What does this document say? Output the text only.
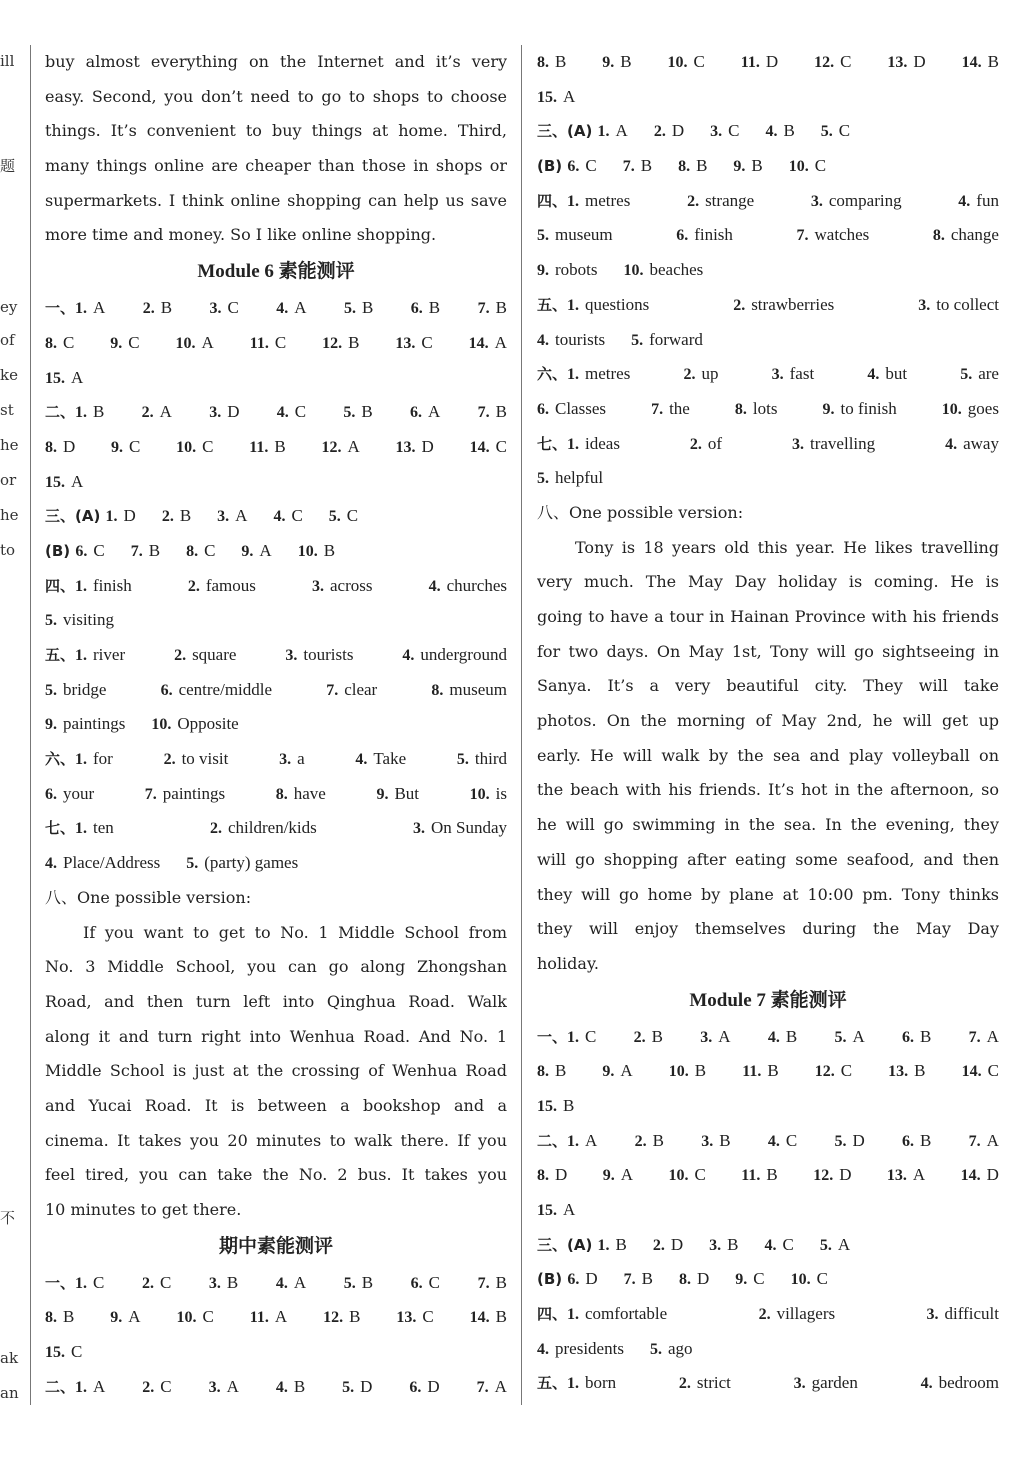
ill
题
ey
of
ke
st
he
or
he
to
不
ak
an
buy almost everything on the Internet and it’s very
easy. Second, you don’t need to go to shops to choose
things. It’s convenient to buy things at home. Third,
many things online are cheaper than those in shops or
supermarkets. I think online shopping can help us save
more time and money. So I like online shopping.
Module 6 素能测评
一、1. A 2. B 3. C 4. A 5. B 6. B 7. B
8. C 9. C 10. A 11. C 12. B 13. C 14. A
15. A
二、1. B 2. A 3. D 4. C 5. B 6. A 7. B
8. D 9. C 10. C 11. B 12. A 13. D 14. C
15. A
三、(A) 1. D 2. B 3. A 4. C 5. C
(B) 6. C 7. B 8. C 9. A 10. B
四、1. finish	2. famous	3. across	4. churches
5. visiting
五、1. river	2. square	3. tourists	4. underground
5. bridge	6. centre/middle	7. clear	8. museum
9. paintings 10. Opposite
六、1. for	2. to visit	3. a	4. Take	5. third
6. your	7. paintings	8. have	9. But	10. is
七、1. ten	2. children/kids	3. On Sunday
4. Place/Address 5. (party) games
八、One possible version:
If you want to get to No. 1 Middle School from
No. 3 Middle School, you can go along Zhongshan
Road, and then turn left into Qinghua Road. Walk
along it and turn right into Wenhua Road. And No. 1
Middle School is just at the crossing of Wenhua Road
and Yucai Road. It is between a bookshop and a
cinema. It takes you 20 minutes to walk there. If you
feel tired, you can take the No. 2 bus. It takes you
10 minutes to get there.
期中素能测评
一、1. C 2. C 3. B 4. A 5. B 6. C 7. B
8. B 9. A 10. C 11. A 12. B 13. C 14. B
15. C
二、1. A 2. C 3. A 4. B 5. D 6. D 7. A
8. B 9. B 10. C 11. D 12. C 13. D 14. B
15. A
三、(A) 1. A 2. D 3. C 4. B 5. C
(B) 6. C 7. B 8. B 9. B 10. C
四、1. metres	2. strange	3. comparing	4. fun
5. museum	6. finish	7. watches	8. change
9. robots 10. beaches
五、1. questions	2. strawberries	3. to collect
4. tourists 5. forward
六、1. metres	2. up	3. fast	4. but	5. are
6. Classes	7. the	8. lots	9. to finish	10. goes
七、1. ideas	2. of	3. travelling	4. away
5. helpful
八、One possible version:
Tony is 18 years old this year. He likes travelling
very much. The May Day holiday is coming. He is
going to have a tour in Hainan Province with his friends
for two days. On May 1st, Tony will go sightseeing in
Sanya. It’s a very beautiful city. They will take
photos. On the morning of May 2nd, he will get up
early. He will walk by the sea and play volleyball on
the beach with his friends. It’s hot in the afternoon, so
he will go swimming in the sea. In the evening, they
will go shopping after eating some seafood, and then
they will go home by plane at 10:00 pm. Tony thinks
they will enjoy themselves during the May Day
holiday.
Module 7 素能测评
一、1. C 2. B 3. A 4. B 5. A 6. B 7. A
8. B 9. A 10. B 11. B 12. C 13. B 14. C
15. B
二、1. A 2. B 3. B 4. C 5. D 6. B 7. A
8. D 9. A 10. C 11. B 12. D 13. A 14. D
15. A
三、(A) 1. B 2. D 3. B 4. C 5. A
(B) 6. D 7. B 8. D 9. C 10. C
四、1. comfortable	2. villagers	3. difficult
4. presidents 5. ago
五、1. born	2. strict	3. garden	4. bedroom
